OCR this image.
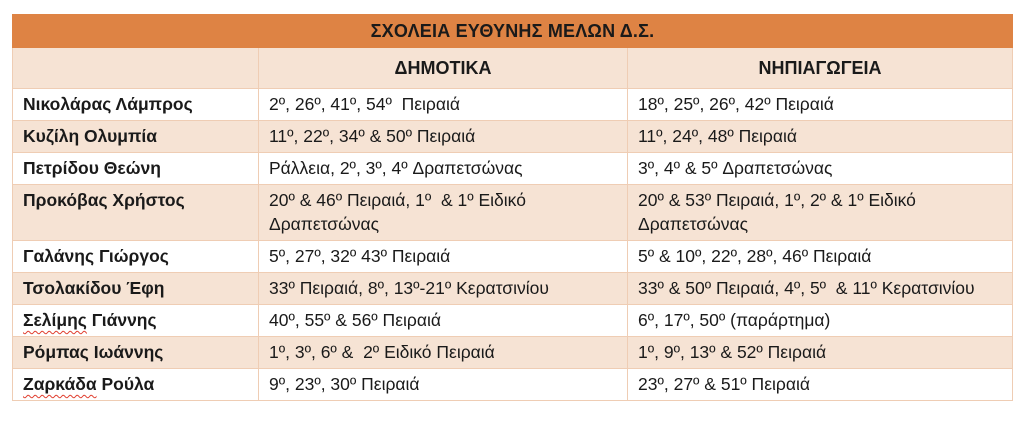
ΣΧΟΛΕΙΑ ΕΥΘΥΝΗΣ ΜΕΛΩΝ Δ.Σ.		
	ΔΗΜΟΤΙΚΑ	ΝΗΠΙΑΓΩΓΕΙΑ
Νικολάρας Λάμπρος	2º, 26º, 41º, 54º  Πειραιά	18º, 25º, 26º, 42º Πειραιά
Κυζίλη Ολυμπία	11º, 22º, 34º & 50º Πειραιά	11º, 24º, 48º Πειραιά
Πετρίδου Θεώνη	Ράλλεια, 2º, 3º, 4º Δραπετσώνας	3º, 4º & 5º Δραπετσώνας
Προκόβας Χρήστος	20º & 46º Πειραιά, 1º  & 1º Ειδικό Δραπετσώνας	20º & 53º Πειραιά, 1º, 2º & 1º Ειδικό Δραπετσώνας
Γαλάνης Γιώργος	5º, 27º, 32º 43º Πειραιά	5º & 10º, 22º, 28º, 46º Πειραιά
Τσολακίδου Έφη	33º Πειραιά, 8º, 13º-21º Κερατσινίου	33º & 50º Πειραιά, 4º, 5º  & 11º Κερατσινίου
Σελίμης Γιάννης	40º, 55º & 56º Πειραιά	6º, 17º, 50º (παράρτημα)
Ρόμπας Ιωάννης	1º, 3º, 6º &  2º Ειδικό Πειραιά	1º, 9º, 13º & 52º Πειραιά
Ζαρκάδα Ρούλα	9º, 23º, 30º Πειραιά	23º, 27º & 51º Πειραιά
